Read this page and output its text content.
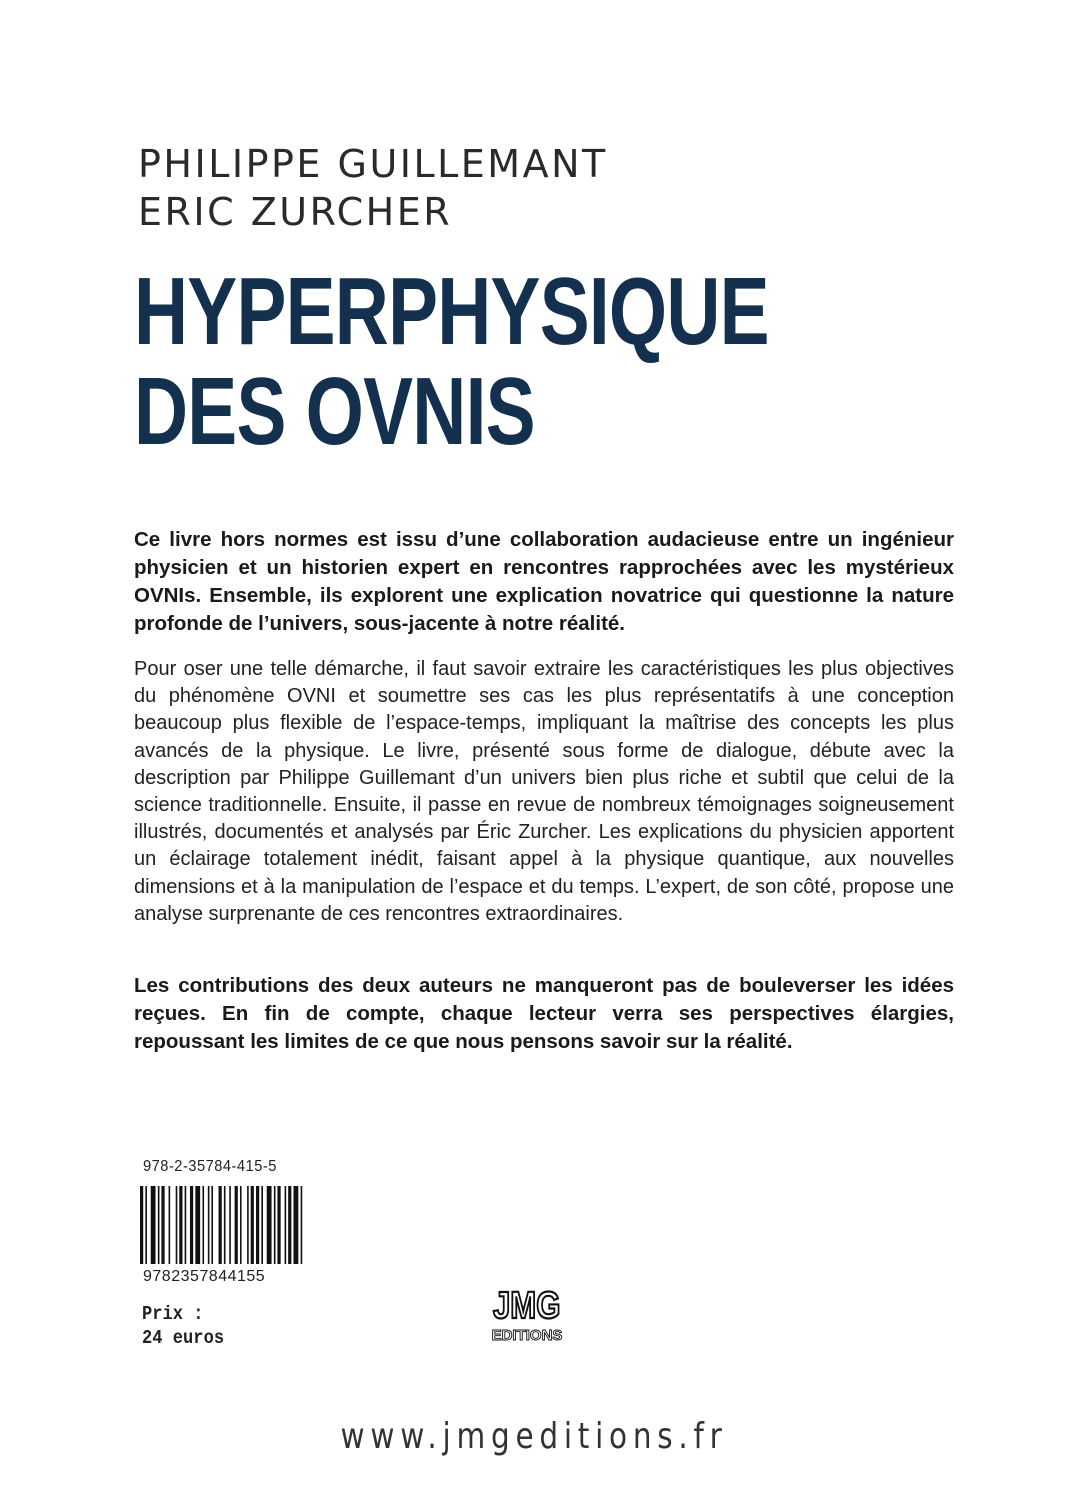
PHILIPPE GUILLEMANT
ERIC ZURCHER
HYPERPHYSIQUE
DES OVNIS
Ce livre hors normes est issu d’une collaboration audacieuse entre un ingénieur physicien et un historien expert en rencontres rapprochées avec les mystérieux OVNIs. Ensemble, ils explorent une explication novatrice qui questionne la nature profonde de l’univers, sous-jacente à notre réalité.
Pour oser une telle démarche, il faut savoir extraire les caractéristiques les plus objectives du phénomène OVNI et soumettre ses cas les plus représentatifs à une conception beaucoup plus flexible de l’espace-temps, impliquant la maîtrise des concepts les plus avancés de la physique. Le livre, présenté sous forme de dialogue, débute avec la description par Philippe Guillemant d’un univers bien plus riche et subtil que celui de la science traditionnelle. Ensuite, il passe en revue de nombreux témoignages soigneusement illustrés, documentés et analysés par Éric Zurcher. Les explications du physicien apportent un éclairage totalement inédit, faisant appel à la physique quantique, aux nouvelles dimensions et à la manipulation de l’espace et du temps. L’expert, de son côté, propose une analyse surprenante de ces rencontres extraordinaires.
Les contributions des deux auteurs ne manqueront pas de bouleverser les idées reçues. En fin de compte, chaque lecteur verra ses perspectives élargies, repoussant les limites de ce que nous pensons savoir sur la réalité.
978-2-35784-415-5
9782357844155
Prix :
24 euros
JMG
EDITIONS
www.jmgeditions.fr
